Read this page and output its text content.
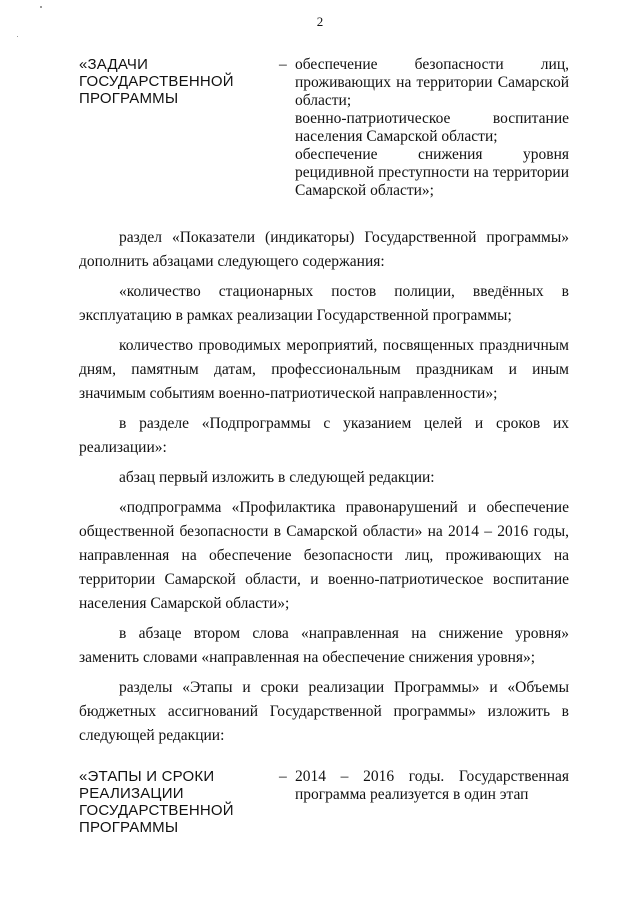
2
«ЗАДАЧИ ГОСУДАРСТВЕННОЙ ПРОГРАММЫ
– обеспечение безопасности лиц, проживающих на территории Самарской области;

военно-патриотическое воспитание населения Самарской области;

обеспечение снижения уровня рецидивной преступности на территории Самарской области»;

раздел «Показатели (индикаторы) Государственной программы» дополнить абзацами следующего содержания:

«количество стационарных постов полиции, введённых в эксплуатацию в рамках реализации Государственной программы;

количество проводимых мероприятий, посвященных праздничным дням, памятным датам, профессиональным праздникам и иным значимым событиям военно-патриотической направленности»;

в разделе «Подпрограммы с указанием целей и сроков их реализации»:

абзац первый изложить в следующей редакции:

«подпрограмма «Профилактика правонарушений и обеспечение общественной безопасности в Самарской области» на 2014 – 2016 годы, направленная на обеспечение безопасности лиц, проживающих на территории Самарской области, и военно-патриотическое воспитание населения Самарской области»;

в абзаце втором слова «направленная на снижение уровня» заменить словами «направленная на обеспечение снижения уровня»;

разделы «Этапы и сроки реализации Программы» и «Объемы бюджетных ассигнований Государственной программы» изложить в следующей редакции:

«ЭТАПЫ И СРОКИ РЕАЛИЗАЦИИ ГОСУДАРСТВЕННОЙ ПРОГРАММЫ
– 2014 – 2016 годы. Государственная программа реализуется в один этап
